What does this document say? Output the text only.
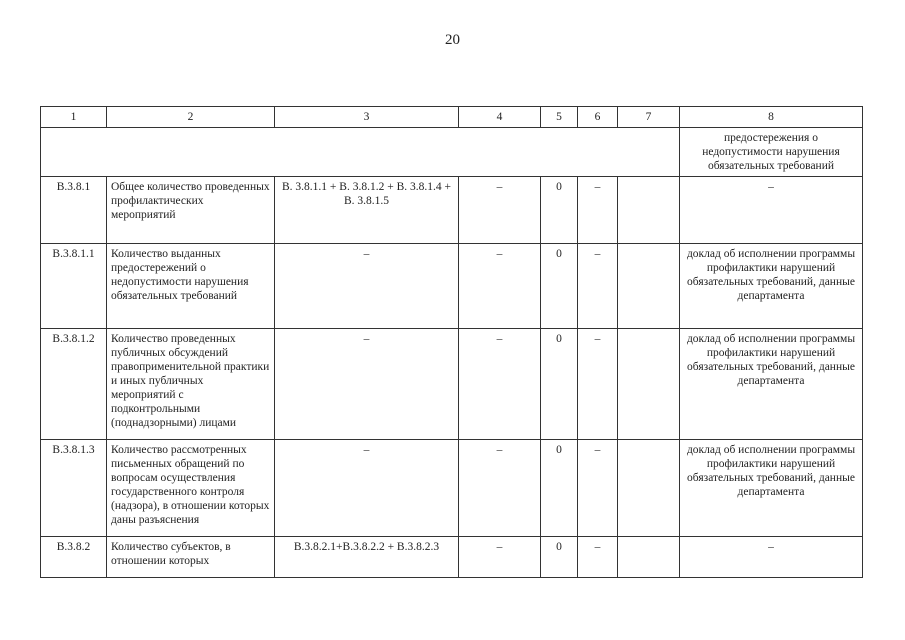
20
1	2	3	4	5	6	7	8
							предостережения о недопустимости нарушения обязательных требований
В.3.8.1	Общее количество проведенных профилактических мероприятий	В. 3.8.1.1 + В. 3.8.1.2 + В. 3.8.1.4 + В. 3.8.1.5	–	0	–		–
В.3.8.1.1	Количество выданных предостережений о недопустимости нарушения обязательных требований	–	–	0	–		доклад об исполнении программы профилактики нарушений обязательных требований, данные департамента
В.3.8.1.2	Количество проведенных публичных обсуждений правоприменительной практики и иных публичных мероприятий с подконтрольными (поднадзорными) лицами	–	–	0	–		доклад об исполнении программы профилактики нарушений обязательных требований, данные департамента
В.3.8.1.3	Количество рассмотренных письменных обращений по вопросам осуществления государственного контроля (надзора), в отношении которых даны разъяснения	–	–	0	–		доклад об исполнении программы профилактики нарушений обязательных требований, данные департамента
В.3.8.2	Количество субъектов, в отношении которых	В.3.8.2.1+В.3.8.2.2 + В.3.8.2.3	–	0	–		–
